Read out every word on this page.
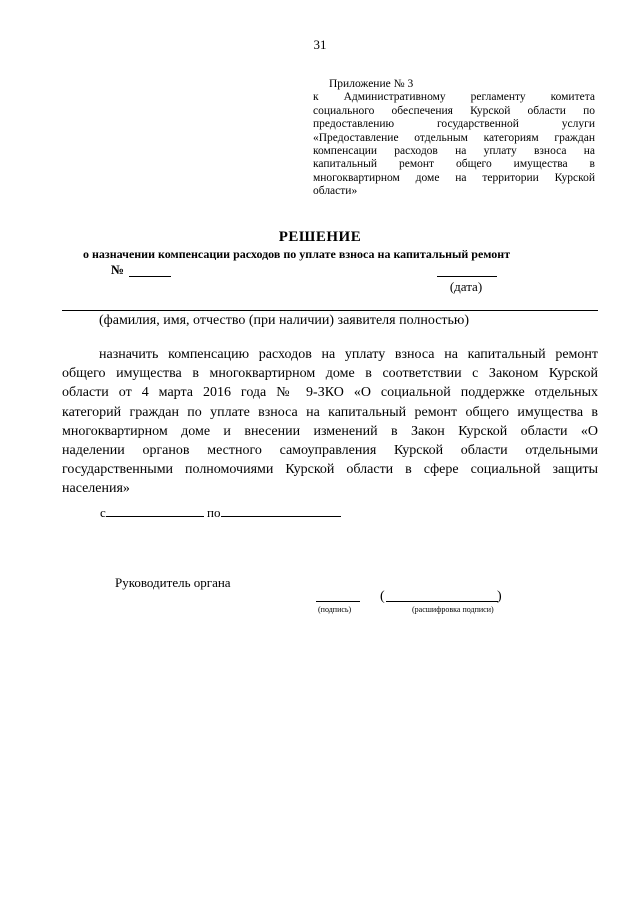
31
Приложение № 3
к Административному регламенту комитета
социального обеспечения Курской области по
предоставлению государственной услуги
«Предоставление отдельным категориям граждан
компенсации расходов на уплату взноса на
капитальный ремонт общего имущества в
многоквартирном доме на территории Курской
области»
РЕШЕНИЕ
о назначении компенсации расходов по уплате взноса на капитальный ремонт
№
(дата)
(фамилия, имя, отчество (при наличии) заявителя полностью)
назначить компенсацию расходов на уплату взноса на капитальный ремонт
общего имущества в многоквартирном доме в соответствии с Законом Курской
области от 4 марта 2016 года № 9-ЗКО «О социальной поддержке отдельных
категорий граждан по уплате взноса на капитальный ремонт общего имущества в
многоквартирном доме и внесении изменений в Закон Курской области «О
наделении органов местного самоуправления Курской области отдельными
государственными полномочиями Курской области в сфере социальной защиты
населения»
с	по
Руководитель органа
(подпись)
(	)
(расшифровка подписи)
